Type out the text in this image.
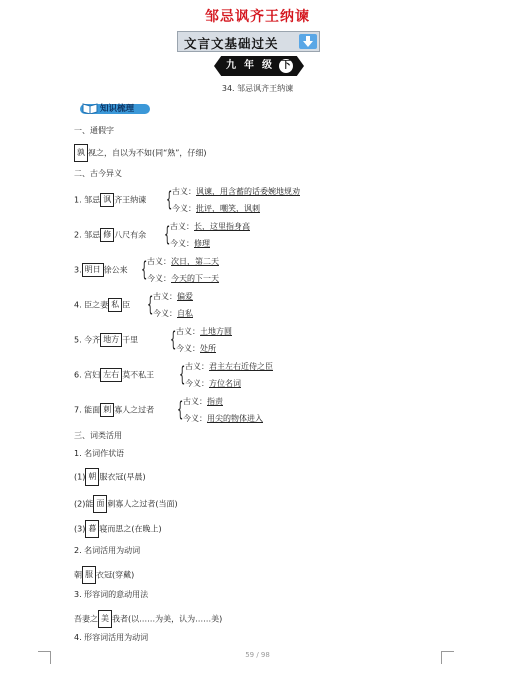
邹忌讽齐王纳谏
文言文基础过关
九 年 级 下
34. 邹忌讽齐王纳谏
知识梳理
一、通假字
孰 视之，自以为不如(同“熟”，仔细)
二、古今异义
1. 邹忌 讽 齐王纳谏 { 古义：讽谏，用含蓄的话委婉地规劝
今义：批评，嘲笑，讽刺
2. 邹忌 修 八尺有余 { 古义：长，这里指身高
今义：修理
3. 明日 徐公来 { 古义：次日，第二天
今义：今天的下一天
4. 臣之妻 私 臣 { 古义：偏爱
今义：自私
5. 今齐 地方 千里 { 古义：土地方圆
今义：处所
6. 宫妇 左右 莫不私王 { 古义：君主左右近侍之臣
今义：方位名词
7. 能面 刺 寡人之过者 { 古义：指责
今义：用尖的物体进入
三、词类活用
1. 名词作状语
(1) 朝 服衣冠(早晨)
(2)能 面 刺寡人之过者(当面)
(3) 暮 寝而思之(在晚上)
2. 名词活用为动词
朝 服 衣冠(穿戴)
3. 形容词的意动用法
吾妻之 美 我者(以……为美，认为……美)
4. 形容词活用为动词
59 / 98
